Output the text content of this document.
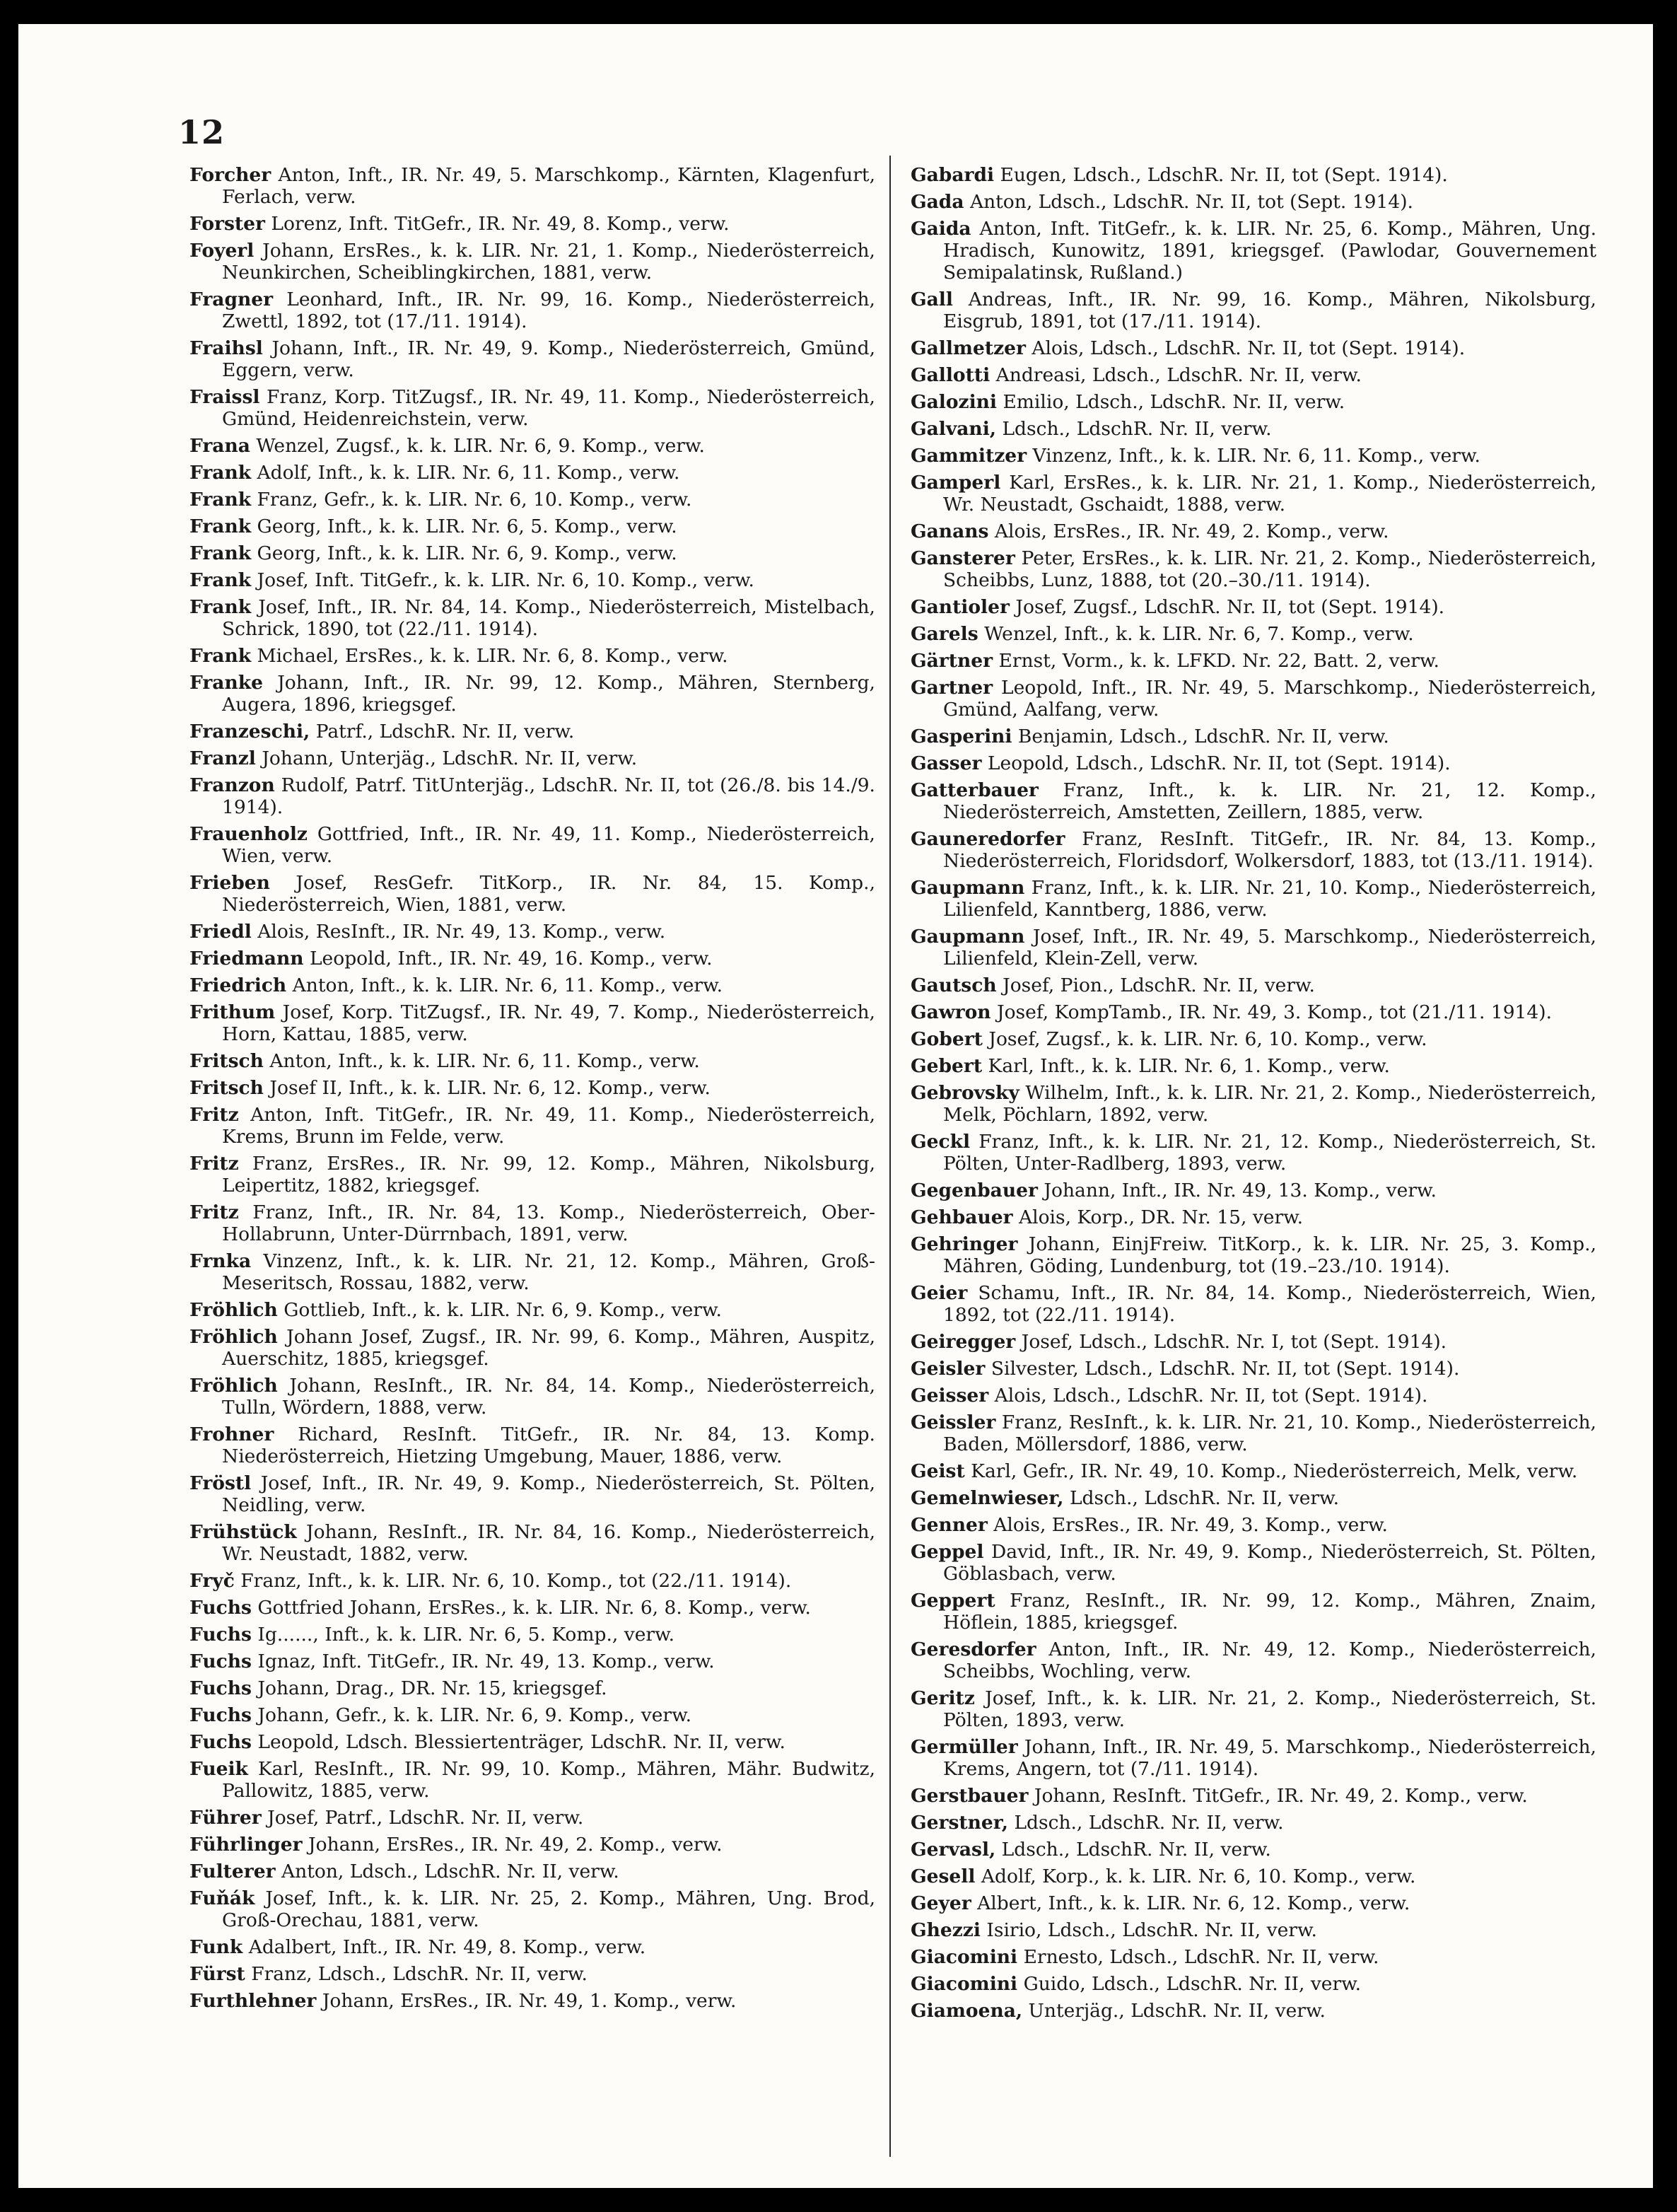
12

Forcher Anton, Inft., IR. Nr. 49, 5. Marschkomp., Kärnten, Klagenfurt, Ferlach, verw.

Forster Lorenz, Inft. TitGefr., IR. Nr. 49, 8. Komp., verw.

Foyerl Johann, ErsRes., k. k. LIR. Nr. 21, 1. Komp., Niederösterreich, Neunkirchen, Scheiblingkirchen, 1881, verw.

Fragner Leonhard, Inft., IR. Nr. 99, 16. Komp., Niederösterreich, Zwettl, 1892, tot (17./11. 1914).

Fraihsl Johann, Inft., IR. Nr. 49, 9. Komp., Niederösterreich, Gmünd, Eggern, verw.

Fraissl Franz, Korp. TitZugsf., IR. Nr. 49, 11. Komp., Niederösterreich, Gmünd, Heidenreichstein, verw.

Frana Wenzel, Zugsf., k. k. LIR. Nr. 6, 9. Komp., verw.

Frank Adolf, Inft., k. k. LIR. Nr. 6, 11. Komp., verw.

Frank Franz, Gefr., k. k. LIR. Nr. 6, 10. Komp., verw.

Frank Georg, Inft., k. k. LIR. Nr. 6, 5. Komp., verw.

Frank Georg, Inft., k. k. LIR. Nr. 6, 9. Komp., verw.

Frank Josef, Inft. TitGefr., k. k. LIR. Nr. 6, 10. Komp., verw.

Frank Josef, Inft., IR. Nr. 84, 14. Komp., Niederösterreich, Mistelbach, Schrick, 1890, tot (22./11. 1914).

Frank Michael, ErsRes., k. k. LIR. Nr. 6, 8. Komp., verw.

Franke Johann, Inft., IR. Nr. 99, 12. Komp., Mähren, Sternberg, Augera, 1896, kriegsgef.

Franzeschi, Patrf., LdschR. Nr. II, verw.

Franzl Johann, Unterjäg., LdschR. Nr. II, verw.

Franzon Rudolf, Patrf. TitUnterjäg., LdschR. Nr. II, tot (26./8. bis 14./9. 1914).

Frauenholz Gottfried, Inft., IR. Nr. 49, 11. Komp., Niederösterreich, Wien, verw.

Frieben Josef, ResGefr. TitKorp., IR. Nr. 84, 15. Komp., Niederösterreich, Wien, 1881, verw.

Friedl Alois, ResInft., IR. Nr. 49, 13. Komp., verw.

Friedmann Leopold, Inft., IR. Nr. 49, 16. Komp., verw.

Friedrich Anton, Inft., k. k. LIR. Nr. 6, 11. Komp., verw.

Frithum Josef, Korp. TitZugsf., IR. Nr. 49, 7. Komp., Niederösterreich, Horn, Kattau, 1885, verw.

Fritsch Anton, Inft., k. k. LIR. Nr. 6, 11. Komp., verw.

Fritsch Josef II, Inft., k. k. LIR. Nr. 6, 12. Komp., verw.

Fritz Anton, Inft. TitGefr., IR. Nr. 49, 11. Komp., Niederösterreich, Krems, Brunn im Felde, verw.

Fritz Franz, ErsRes., IR. Nr. 99, 12. Komp., Mähren, Nikolsburg, Leipertitz, 1882, kriegsgef.

Fritz Franz, Inft., IR. Nr. 84, 13. Komp., Niederösterreich, Ober-Hollabrunn, Unter-Dürrnbach, 1891, verw.

Frnka Vinzenz, Inft., k. k. LIR. Nr. 21, 12. Komp., Mähren, Groß-Meseritsch, Rossau, 1882, verw.

Fröhlich Gottlieb, Inft., k. k. LIR. Nr. 6, 9. Komp., verw.

Fröhlich Johann Josef, Zugsf., IR. Nr. 99, 6. Komp., Mähren, Auspitz, Auerschitz, 1885, kriegsgef.

Fröhlich Johann, ResInft., IR. Nr. 84, 14. Komp., Niederösterreich, Tulln, Wördern, 1888, verw.

Frohner Richard, ResInft. TitGefr., IR. Nr. 84, 13. Komp. Niederösterreich, Hietzing Umgebung, Mauer, 1886, verw.

Fröstl Josef, Inft., IR. Nr. 49, 9. Komp., Niederösterreich, St. Pölten, Neidling, verw.

Frühstück Johann, ResInft., IR. Nr. 84, 16. Komp., Niederösterreich, Wr. Neustadt, 1882, verw.

Fryč Franz, Inft., k. k. LIR. Nr. 6, 10. Komp., tot (22./11. 1914).

Fuchs Gottfried Johann, ErsRes., k. k. LIR. Nr. 6, 8. Komp., verw.

Fuchs Ig......, Inft., k. k. LIR. Nr. 6, 5. Komp., verw.

Fuchs Ignaz, Inft. TitGefr., IR. Nr. 49, 13. Komp., verw.

Fuchs Johann, Drag., DR. Nr. 15, kriegsgef.

Fuchs Johann, Gefr., k. k. LIR. Nr. 6, 9. Komp., verw.

Fuchs Leopold, Ldsch. Blessiertenträger, LdschR. Nr. II, verw.

Fueik Karl, ResInft., IR. Nr. 99, 10. Komp., Mähren, Mähr. Budwitz, Pallowitz, 1885, verw.

Führer Josef, Patrf., LdschR. Nr. II, verw.

Führlinger Johann, ErsRes., IR. Nr. 49, 2. Komp., verw.

Fulterer Anton, Ldsch., LdschR. Nr. II, verw.

Fuňák Josef, Inft., k. k. LIR. Nr. 25, 2. Komp., Mähren, Ung. Brod, Groß-Orechau, 1881, verw.

Funk Adalbert, Inft., IR. Nr. 49, 8. Komp., verw.

Fürst Franz, Ldsch., LdschR. Nr. II, verw.

Furthlehner Johann, ErsRes., IR. Nr. 49, 1. Komp., verw.

Gabardi Eugen, Ldsch., LdschR. Nr. II, tot (Sept. 1914).

Gada Anton, Ldsch., LdschR. Nr. II, tot (Sept. 1914).

Gaida Anton, Inft. TitGefr., k. k. LIR. Nr. 25, 6. Komp., Mähren, Ung. Hradisch, Kunowitz, 1891, kriegsgef. (Pawlodar, Gouvernement Semipalatinsk, Rußland.)

Gall Andreas, Inft., IR. Nr. 99, 16. Komp., Mähren, Nikolsburg, Eisgrub, 1891, tot (17./11. 1914).

Gallmetzer Alois, Ldsch., LdschR. Nr. II, tot (Sept. 1914).

Gallotti Andreasi, Ldsch., LdschR. Nr. II, verw.

Galozini Emilio, Ldsch., LdschR. Nr. II, verw.

Galvani, Ldsch., LdschR. Nr. II, verw.

Gammitzer Vinzenz, Inft., k. k. LIR. Nr. 6, 11. Komp., verw.

Gamperl Karl, ErsRes., k. k. LIR. Nr. 21, 1. Komp., Niederösterreich, Wr. Neustadt, Gschaidt, 1888, verw.

Ganans Alois, ErsRes., IR. Nr. 49, 2. Komp., verw.

Gansterer Peter, ErsRes., k. k. LIR. Nr. 21, 2. Komp., Niederösterreich, Scheibbs, Lunz, 1888, tot (20.–30./11. 1914).

Gantioler Josef, Zugsf., LdschR. Nr. II, tot (Sept. 1914).

Garels Wenzel, Inft., k. k. LIR. Nr. 6, 7. Komp., verw.

Gärtner Ernst, Vorm., k. k. LFKD. Nr. 22, Batt. 2, verw.

Gartner Leopold, Inft., IR. Nr. 49, 5. Marschkomp., Niederösterreich, Gmünd, Aalfang, verw.

Gasperini Benjamin, Ldsch., LdschR. Nr. II, verw.

Gasser Leopold, Ldsch., LdschR. Nr. II, tot (Sept. 1914).

Gatterbauer Franz, Inft., k. k. LIR. Nr. 21, 12. Komp., Niederösterreich, Amstetten, Zeillern, 1885, verw.

Gauneredorfer Franz, ResInft. TitGefr., IR. Nr. 84, 13. Komp., Niederösterreich, Floridsdorf, Wolkersdorf, 1883, tot (13./11. 1914).

Gaupmann Franz, Inft., k. k. LIR. Nr. 21, 10. Komp., Niederösterreich, Lilienfeld, Kanntberg, 1886, verw.

Gaupmann Josef, Inft., IR. Nr. 49, 5. Marschkomp., Niederösterreich, Lilienfeld, Klein-Zell, verw.

Gautsch Josef, Pion., LdschR. Nr. II, verw.

Gawron Josef, KompTamb., IR. Nr. 49, 3. Komp., tot (21./11. 1914).

Gobert Josef, Zugsf., k. k. LIR. Nr. 6, 10. Komp., verw.

Gebert Karl, Inft., k. k. LIR. Nr. 6, 1. Komp., verw.

Gebrovsky Wilhelm, Inft., k. k. LIR. Nr. 21, 2. Komp., Niederösterreich, Melk, Pöchlarn, 1892, verw.

Geckl Franz, Inft., k. k. LIR. Nr. 21, 12. Komp., Niederösterreich, St. Pölten, Unter-Radlberg, 1893, verw.

Gegenbauer Johann, Inft., IR. Nr. 49, 13. Komp., verw.

Gehbauer Alois, Korp., DR. Nr. 15, verw.

Gehringer Johann, EinjFreiw. TitKorp., k. k. LIR. Nr. 25, 3. Komp., Mähren, Göding, Lundenburg, tot (19.–23./10. 1914).

Geier Schamu, Inft., IR. Nr. 84, 14. Komp., Niederösterreich, Wien, 1892, tot (22./11. 1914).

Geiregger Josef, Ldsch., LdschR. Nr. I, tot (Sept. 1914).

Geisler Silvester, Ldsch., LdschR. Nr. II, tot (Sept. 1914).

Geisser Alois, Ldsch., LdschR. Nr. II, tot (Sept. 1914).

Geissler Franz, ResInft., k. k. LIR. Nr. 21, 10. Komp., Niederösterreich, Baden, Möllersdorf, 1886, verw.

Geist Karl, Gefr., IR. Nr. 49, 10. Komp., Niederösterreich, Melk, verw.

Gemelnwieser, Ldsch., LdschR. Nr. II, verw.

Genner Alois, ErsRes., IR. Nr. 49, 3. Komp., verw.

Geppel David, Inft., IR. Nr. 49, 9. Komp., Niederösterreich, St. Pölten, Göblasbach, verw.

Geppert Franz, ResInft., IR. Nr. 99, 12. Komp., Mähren, Znaim, Höflein, 1885, kriegsgef.

Geresdorfer Anton, Inft., IR. Nr. 49, 12. Komp., Niederösterreich, Scheibbs, Wochling, verw.

Geritz Josef, Inft., k. k. LIR. Nr. 21, 2. Komp., Niederösterreich, St. Pölten, 1893, verw.

Germüller Johann, Inft., IR. Nr. 49, 5. Marschkomp., Niederösterreich, Krems, Angern, tot (7./11. 1914).

Gerstbauer Johann, ResInft. TitGefr., IR. Nr. 49, 2. Komp., verw.

Gerstner, Ldsch., LdschR. Nr. II, verw.

Gervasl, Ldsch., LdschR. Nr. II, verw.

Gesell Adolf, Korp., k. k. LIR. Nr. 6, 10. Komp., verw.

Geyer Albert, Inft., k. k. LIR. Nr. 6, 12. Komp., verw.

Ghezzi Isirio, Ldsch., LdschR. Nr. II, verw.

Giacomini Ernesto, Ldsch., LdschR. Nr. II, verw.

Giacomini Guido, Ldsch., LdschR. Nr. II, verw.

Giamoena, Unterjäg., LdschR. Nr. II, verw.
